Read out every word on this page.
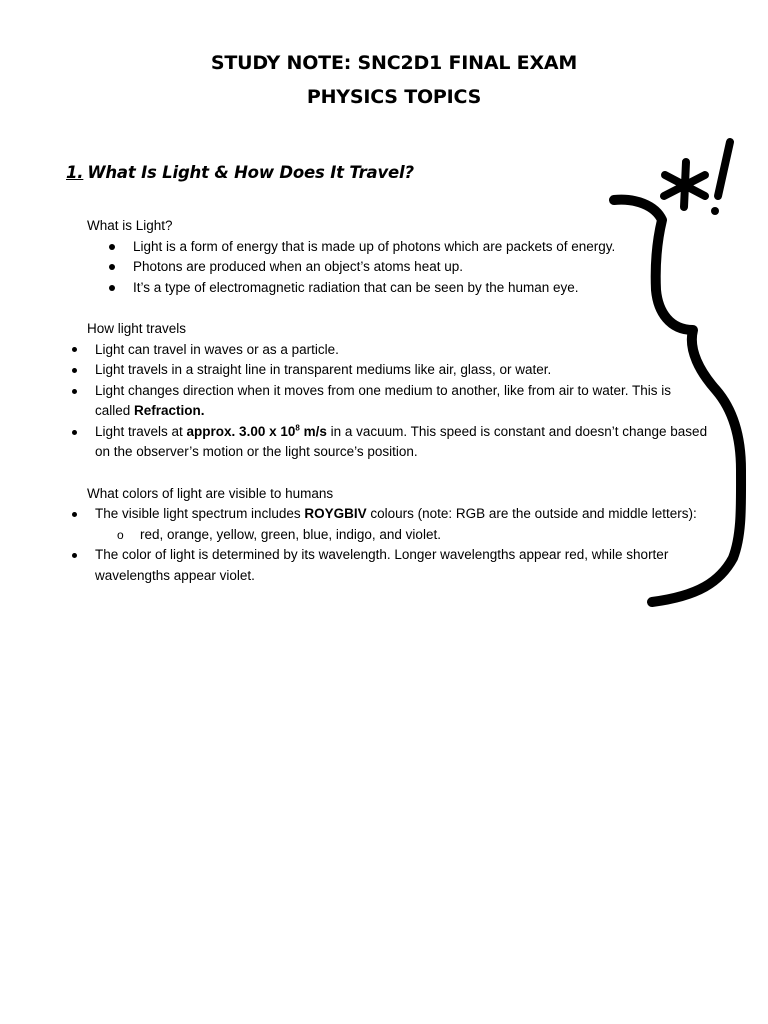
STUDY NOTE: SNC2D1 FINAL EXAM
PHYSICS TOPICS
1. What Is Light & How Does It Travel?
What is Light?
Light is a form of energy that is made up of photons which are packets of energy.
Photons are produced when an object’s atoms heat up.
It’s a type of electromagnetic radiation that can be seen by the human eye.
How light travels
Light can travel in waves or as a particle.
Light travels in a straight line in transparent mediums like air, glass, or water.
Light changes direction when it moves from one medium to another, like from air to water. This is
called Refraction.
Light travels at approx. 3.00 x $10^8$ m/s in a vacuum. This speed is constant and doesn’t change based
on the observer’s motion or the light source’s position.
What colors of light are visible to humans
The visible light spectrum includes ROYGBIV colours (note: RGB are the outside and middle letters):
o red, orange, yellow, green, blue, indigo, and violet.
The color of light is determined by its wavelength. Longer wavelengths appear red, while shorter
wavelengths appear violet.
